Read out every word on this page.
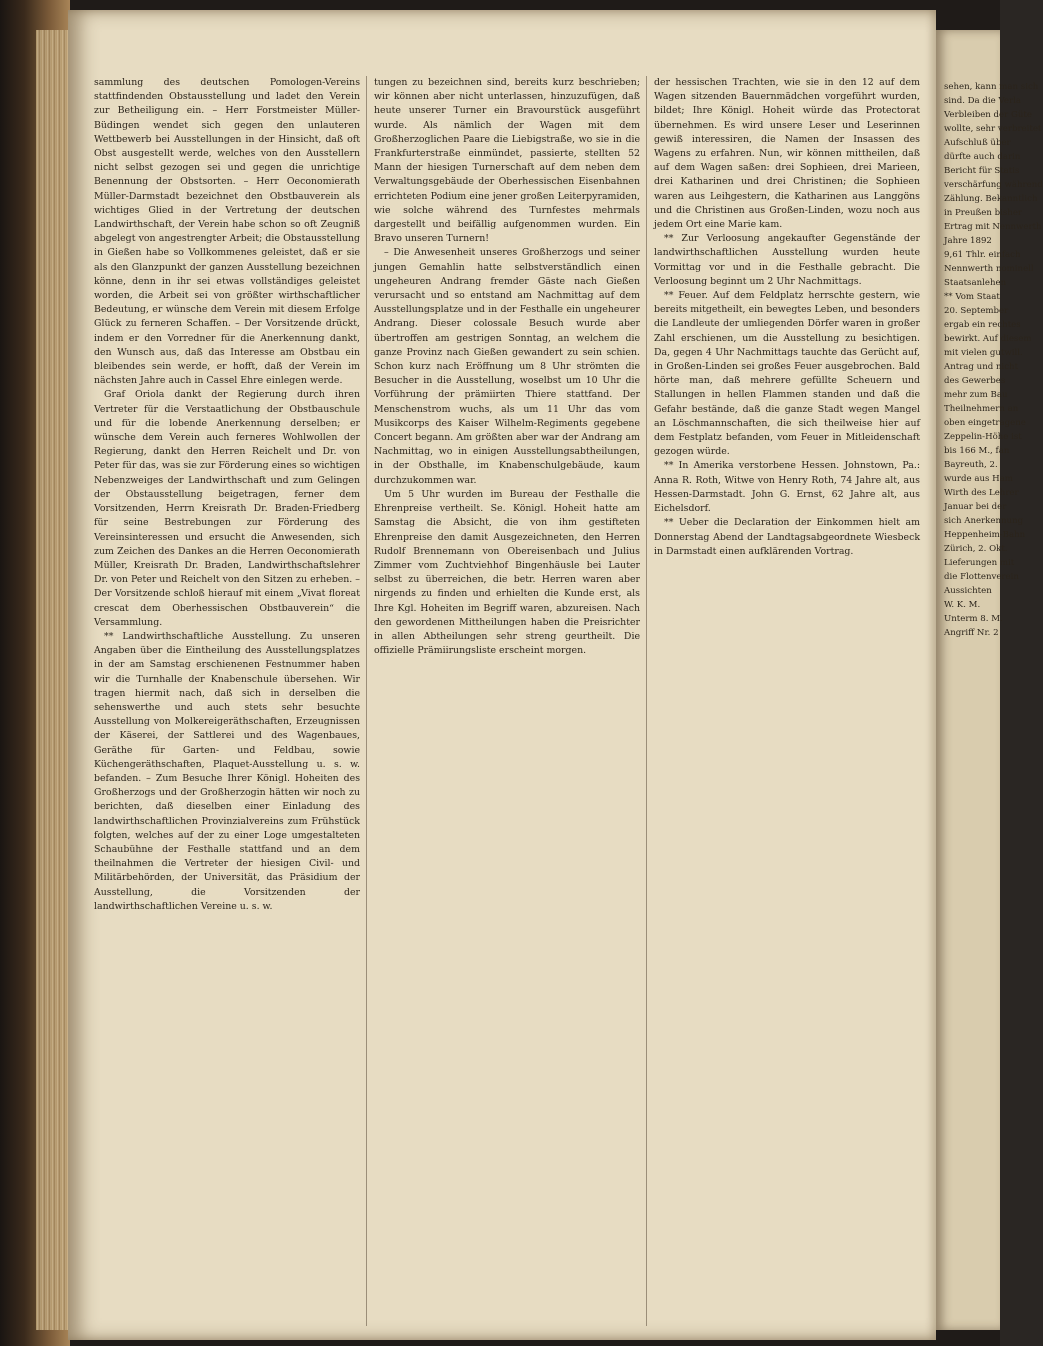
sammlung des deutschen Pomologen-Vereins stattfindenden Obstausstellung und ladet den Verein zur Betheiligung ein. – Herr Forstmeister Müller-Büdingen wendet sich gegen den unlauteren Wettbewerb bei Ausstellungen in der Hinsicht, daß oft Obst ausgestellt werde, welches von den Ausstellern nicht selbst gezogen sei und gegen die unrichtige Benennung der Obstsorten. – Herr Oeconomierath Müller-Darmstadt bezeichnet den Obstbauverein als wichtiges Glied in der Vertretung der deutschen Landwirthschaft, der Verein habe schon so oft Zeugniß abgelegt von angestrengter Arbeit; die Obstausstellung in Gießen habe so Vollkommenes geleistet, daß er sie als den Glanzpunkt der ganzen Ausstellung bezeichnen könne, denn in ihr sei etwas vollständiges geleistet worden, die Arbeit sei von größter wirthschaftlicher Bedeutung, er wünsche dem Verein mit diesem Erfolge Glück zu ferneren Schaffen. – Der Vorsitzende drückt, indem er den Vorredner für die Anerkennung dankt, den Wunsch aus, daß das Interesse am Obstbau ein bleibendes sein werde, er hofft, daß der Verein im nächsten Jahre auch in Cassel Ehre einlegen werde.

Graf Oriola dankt der Regierung durch ihren Vertreter für die Verstaatlichung der Obstbauschule und für die lobende Anerkennung derselben; er wünsche dem Verein auch ferneres Wohlwollen der Regierung, dankt den Herren Reichelt und Dr. von Peter für das, was sie zur Förderung eines so wichtigen Nebenzweiges der Landwirthschaft und zum Gelingen der Obstausstellung beigetragen, ferner dem Vorsitzenden, Herrn Kreisrath Dr. Braden-Friedberg für seine Bestrebungen zur Förderung des Vereinsinteressen und ersucht die Anwesenden, sich zum Zeichen des Dankes an die Herren Oeconomierath Müller, Kreisrath Dr. Braden, Landwirthschaftslehrer Dr. von Peter und Reichelt von den Sitzen zu erheben. – Der Vorsitzende schloß hierauf mit einem „Vivat floreat crescat dem Oberhessischen Obstbauverein“ die Versammlung.

** Landwirthschaftliche Ausstellung. Zu unseren Angaben über die Eintheilung des Ausstellungsplatzes in der am Samstag erschienenen Festnummer haben wir die Turnhalle der Knabenschule übersehen. Wir tragen hiermit nach, daß sich in derselben die sehenswerthe und auch stets sehr besuchte Ausstellung von Molkereigeräthschaften, Erzeugnissen der Käserei, der Sattlerei und des Wagenbaues, Geräthe für Garten- und Feldbau, sowie Küchengeräthschaften, Plaquet-Ausstellung u. s. w. befanden. – Zum Besuche Ihrer Königl. Hoheiten des Großherzogs und der Großherzogin hätten wir noch zu berichten, daß dieselben einer Einladung des landwirthschaftlichen Provinzialvereins zum Frühstück folgten, welches auf der zu einer Loge umgestalteten Schaubühne der Festhalle stattfand und an dem theilnahmen die Vertreter der hiesigen Civil- und Militärbehörden, der Universität, das Präsidium der Ausstellung, die Vorsitzenden der landwirthschaftlichen Vereine u. s. w.

tungen zu bezeichnen sind, bereits kurz beschrieben; wir können aber nicht unterlassen, hinzuzufügen, daß heute unserer Turner ein Bravourstück ausgeführt wurde. Als nämlich der Wagen mit dem Großherzoglichen Paare die Liebigstraße, wo sie in die Frankfurterstraße einmündet, passierte, stellten 52 Mann der hiesigen Turnerschaft auf dem neben dem Verwaltungsgebäude der Oberhessischen Eisenbahnen errichteten Podium eine jener großen Leiterpyramiden, wie solche während des Turnfestes mehrmals dargestellt und beifällig aufgenommen wurden. Ein Bravo unseren Turnern!

– Die Anwesenheit unseres Großherzogs und seiner jungen Gemahlin hatte selbstverständlich einen ungeheuren Andrang fremder Gäste nach Gießen verursacht und so entstand am Nachmittag auf dem Ausstellungsplatze und in der Festhalle ein ungeheurer Andrang. Dieser colossale Besuch wurde aber übertroffen am gestrigen Sonntag, an welchem die ganze Provinz nach Gießen gewandert zu sein schien. Schon kurz nach Eröffnung um 8 Uhr strömten die Besucher in die Ausstellung, woselbst um 10 Uhr die Vorführung der prämiirten Thiere stattfand. Der Menschenstrom wuchs, als um 11 Uhr das vom Musikcorps des Kaiser Wilhelm-Regiments gegebene Concert begann. Am größten aber war der Andrang am Nachmittag, wo in einigen Ausstellungsabtheilungen, in der Obsthalle, im Knabenschulgebäude, kaum durchzukommen war.

Um 5 Uhr wurden im Bureau der Festhalle die Ehrenpreise vertheilt. Se. Königl. Hoheit hatte am Samstag die Absicht, die von ihm gestifteten Ehrenpreise den damit Ausgezeichneten, den Herren Rudolf Brennemann von Obereisenbach und Julius Zimmer vom Zuchtviehhof Bingenhäusle bei Lauter selbst zu überreichen, die betr. Herren waren aber nirgends zu finden und erhielten die Kunde erst, als Ihre Kgl. Hoheiten im Begriff waren, abzureisen. Nach den gewordenen Mittheilungen haben die Preisrichter in allen Abtheilungen sehr streng geurtheilt. Die offizielle Prämiirungsliste erscheint morgen.

der hessischen Trachten, wie sie in den 12 auf dem Wagen sitzenden Bauernmädchen vorgeführt wurden, bildet; Ihre Königl. Hoheit würde das Protectorat übernehmen. Es wird unsere Leser und Leserinnen gewiß interessiren, die Namen der Insassen des Wagens zu erfahren. Nun, wir können mittheilen, daß auf dem Wagen saßen: drei Sophieen, drei Marieen, drei Katharinen und drei Christinen; die Sophieen waren aus Leihgestern, die Katharinen aus Langgöns und die Christinen aus Großen-Linden, wozu noch aus jedem Ort eine Marie kam.

** Zur Verloosung angekaufter Gegenstände der landwirthschaftlichen Ausstellung wurden heute Vormittag vor und in die Festhalle gebracht. Die Verloosung beginnt um 2 Uhr Nachmittags.

** Feuer. Auf dem Feldplatz herrschte gestern, wie bereits mitgetheilt, ein bewegtes Leben, und besonders die Landleute der umliegenden Dörfer waren in großer Zahl erschienen, um die Ausstellung zu besichtigen. Da, gegen 4 Uhr Nachmittags tauchte das Gerücht auf, in Großen-Linden sei großes Feuer ausgebrochen. Bald hörte man, daß mehrere gefüllte Scheuern und Stallungen in hellen Flammen standen und daß die Gefahr bestände, daß die ganze Stadt wegen Mangel an Löschmannschaften, die sich theilweise hier auf dem Festplatz befanden, vom Feuer in Mitleidenschaft gezogen würde.

** In Amerika verstorbene Hessen. Johnstown, Pa.: Anna R. Roth, Witwe von Henry Roth, 74 Jahre alt, aus Hessen-Darmstadt. John G. Ernst, 62 Jahre alt, aus Eichelsdorf.

** Ueber die Declaration der Einkommen hielt am Donnerstag Abend der Landtagsabgeordnete Wiesbeck in Darmstadt einen aufklärenden Vortrag.

sehen, kann man sich
sind. Da die Verla
Verbleiben der Güte
wollte, sehr verbreitet
Aufschluß über
dürfte auch darin
Bericht für Statis
verschärfung während
Zählung. Bekanntlich
in Preußen bisher
Ertrag mit Nennwerth
Jahre 1892
9,61 Thlr. einfach
Nennwerth nominell
Staatsanlehen
** Vom Staat
20. September
ergab ein rechtes
bewirkt. Auf diesem
mit vielen gutwill.
Antrag und nicht
des Gewerbes
mehr zum Bau
Theilnehmern an
oben eingetragene
Zeppelin-Höhe ist
bis 166 M., fan
Bayreuth, 2.
wurde aus Ham
Wirth des Lehrer
Januar bei der
sich Anerkennung
Heppenheim-Bahn
Zürich, 2. Okt.
Lieferungen mit
die Flottenverein
Aussichten
W. K. M.
Unterm 8. M.
Angriff Nr. 2
